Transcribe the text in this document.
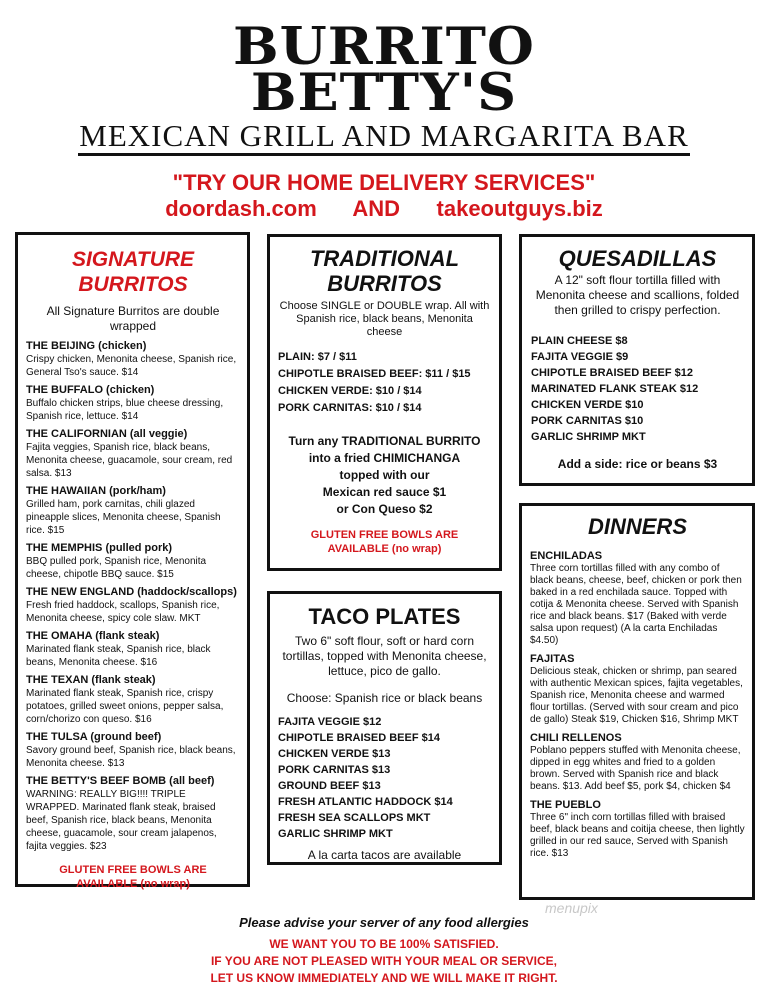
BURRITO
BETTY'S
MEXICAN GRILL AND MARGARITA BAR
"TRY OUR HOME DELIVERY SERVICES"
doordash.com    AND    takeoutguys.biz
SIGNATURE
BURRITOS
All Signature Burritos are double wrapped
THE BEIJING (chicken)
Crispy chicken, Menonita cheese, Spanish rice, General Tso's sauce. $14
THE BUFFALO (chicken)
Buffalo chicken strips, blue cheese dressing, Spanish rice, lettuce. $14
THE CALIFORNIAN (all veggie)
Fajita veggies, Spanish rice, black beans, Menonita cheese, guacamole, sour cream, red salsa. $13
THE HAWAIIAN (pork/ham)
Grilled ham, pork carnitas, chili glazed pineapple slices, Menonita cheese, Spanish rice. $15
THE MEMPHIS (pulled pork)
BBQ pulled pork, Spanish rice, Menonita cheese, chipotle BBQ sauce. $15
THE NEW ENGLAND (haddock/scallops)
Fresh fried haddock, scallops, Spanish rice, Menonita cheese, spicy cole slaw. MKT
THE OMAHA (flank steak)
Marinated flank steak, Spanish rice, black beans, Menonita cheese. $16
THE TEXAN (flank steak)
Marinated flank steak, Spanish rice, crispy potatoes, grilled sweet onions, pepper salsa, corn/chorizo con queso. $16
THE TULSA (ground beef)
Savory ground beef, Spanish rice, black beans, Menonita cheese. $13
THE BETTY'S BEEF BOMB (all beef)
WARNING: REALLY BIG!!!! TRIPLE WRAPPED. Marinated flank steak, braised beef, Spanish rice, black beans, Menonita cheese, guacamole, sour cream jalapenos, fajita veggies. $23
GLUTEN FREE BOWLS ARE
AVAILABLE (no wrap)
TRADITIONAL
BURRITOS
Choose SINGLE or DOUBLE wrap. All with Spanish rice, black beans, Menonita cheese
PLAIN: $7 / $11
CHIPOTLE BRAISED BEEF: $11 / $15
CHICKEN VERDE: $10 / $14
PORK CARNITAS: $10 / $14
Turn any TRADITIONAL BURRITO
into a fried CHIMICHANGA
topped with our
Mexican red sauce $1
or Con Queso $2
GLUTEN FREE BOWLS ARE
AVAILABLE (no wrap)
QUESADILLAS
A 12" soft flour tortilla filled with Menonita cheese and scallions, folded then grilled to crispy perfection.
PLAIN CHEESE $8
FAJITA VEGGIE $9
CHIPOTLE BRAISED BEEF $12
MARINATED FLANK STEAK $12
CHICKEN VERDE $10
PORK CARNITAS $10
GARLIC SHRIMP MKT
Add a side: rice or beans $3
TACO PLATES
Two 6" soft flour, soft or hard corn tortillas, topped with Menonita cheese, lettuce, pico de gallo.
Choose: Spanish rice or black beans
FAJITA VEGGIE $12
CHIPOTLE BRAISED BEEF $14
CHICKEN VERDE $13
PORK CARNITAS $13
GROUND BEEF $13
FRESH ATLANTIC HADDOCK $14
FRESH SEA SCALLOPS MKT
GARLIC SHRIMP MKT
A la carta tacos are available
DINNERS
ENCHILADAS
Three corn tortillas filled with any combo of black beans, cheese, beef, chicken or pork then baked in a red enchilada sauce. Topped with cotija & Menonita cheese. Served with Spanish rice and black beans. $17 (Baked with verde salsa upon request) (A la carta Enchiladas $4.50)
FAJITAS
Delicious steak, chicken or shrimp, pan seared with authentic Mexican spices, fajita vegetables, Spanish rice, Menonita cheese and warmed flour tortillas. (Served with sour cream and pico de gallo) Steak $19, Chicken $16, Shrimp MKT
CHILI RELLENOS
Poblano peppers stuffed with Menonita cheese, dipped in egg whites and fried to a golden brown. Served with Spanish rice and black beans. $13. Add beef $5, pork $4, chicken $4
THE PUEBLO
Three 6" inch corn tortillas filled with braised beef, black beans and coitija cheese, then lightly grilled in our red sauce, Served with Spanish rice. $13
menupix
Please advise your server of any food allergies
WE WANT YOU TO BE 100% SATISFIED.
IF YOU ARE NOT PLEASED WITH YOUR MEAL OR SERVICE,
LET US KNOW IMMEDIATELY AND WE WILL MAKE IT RIGHT.
